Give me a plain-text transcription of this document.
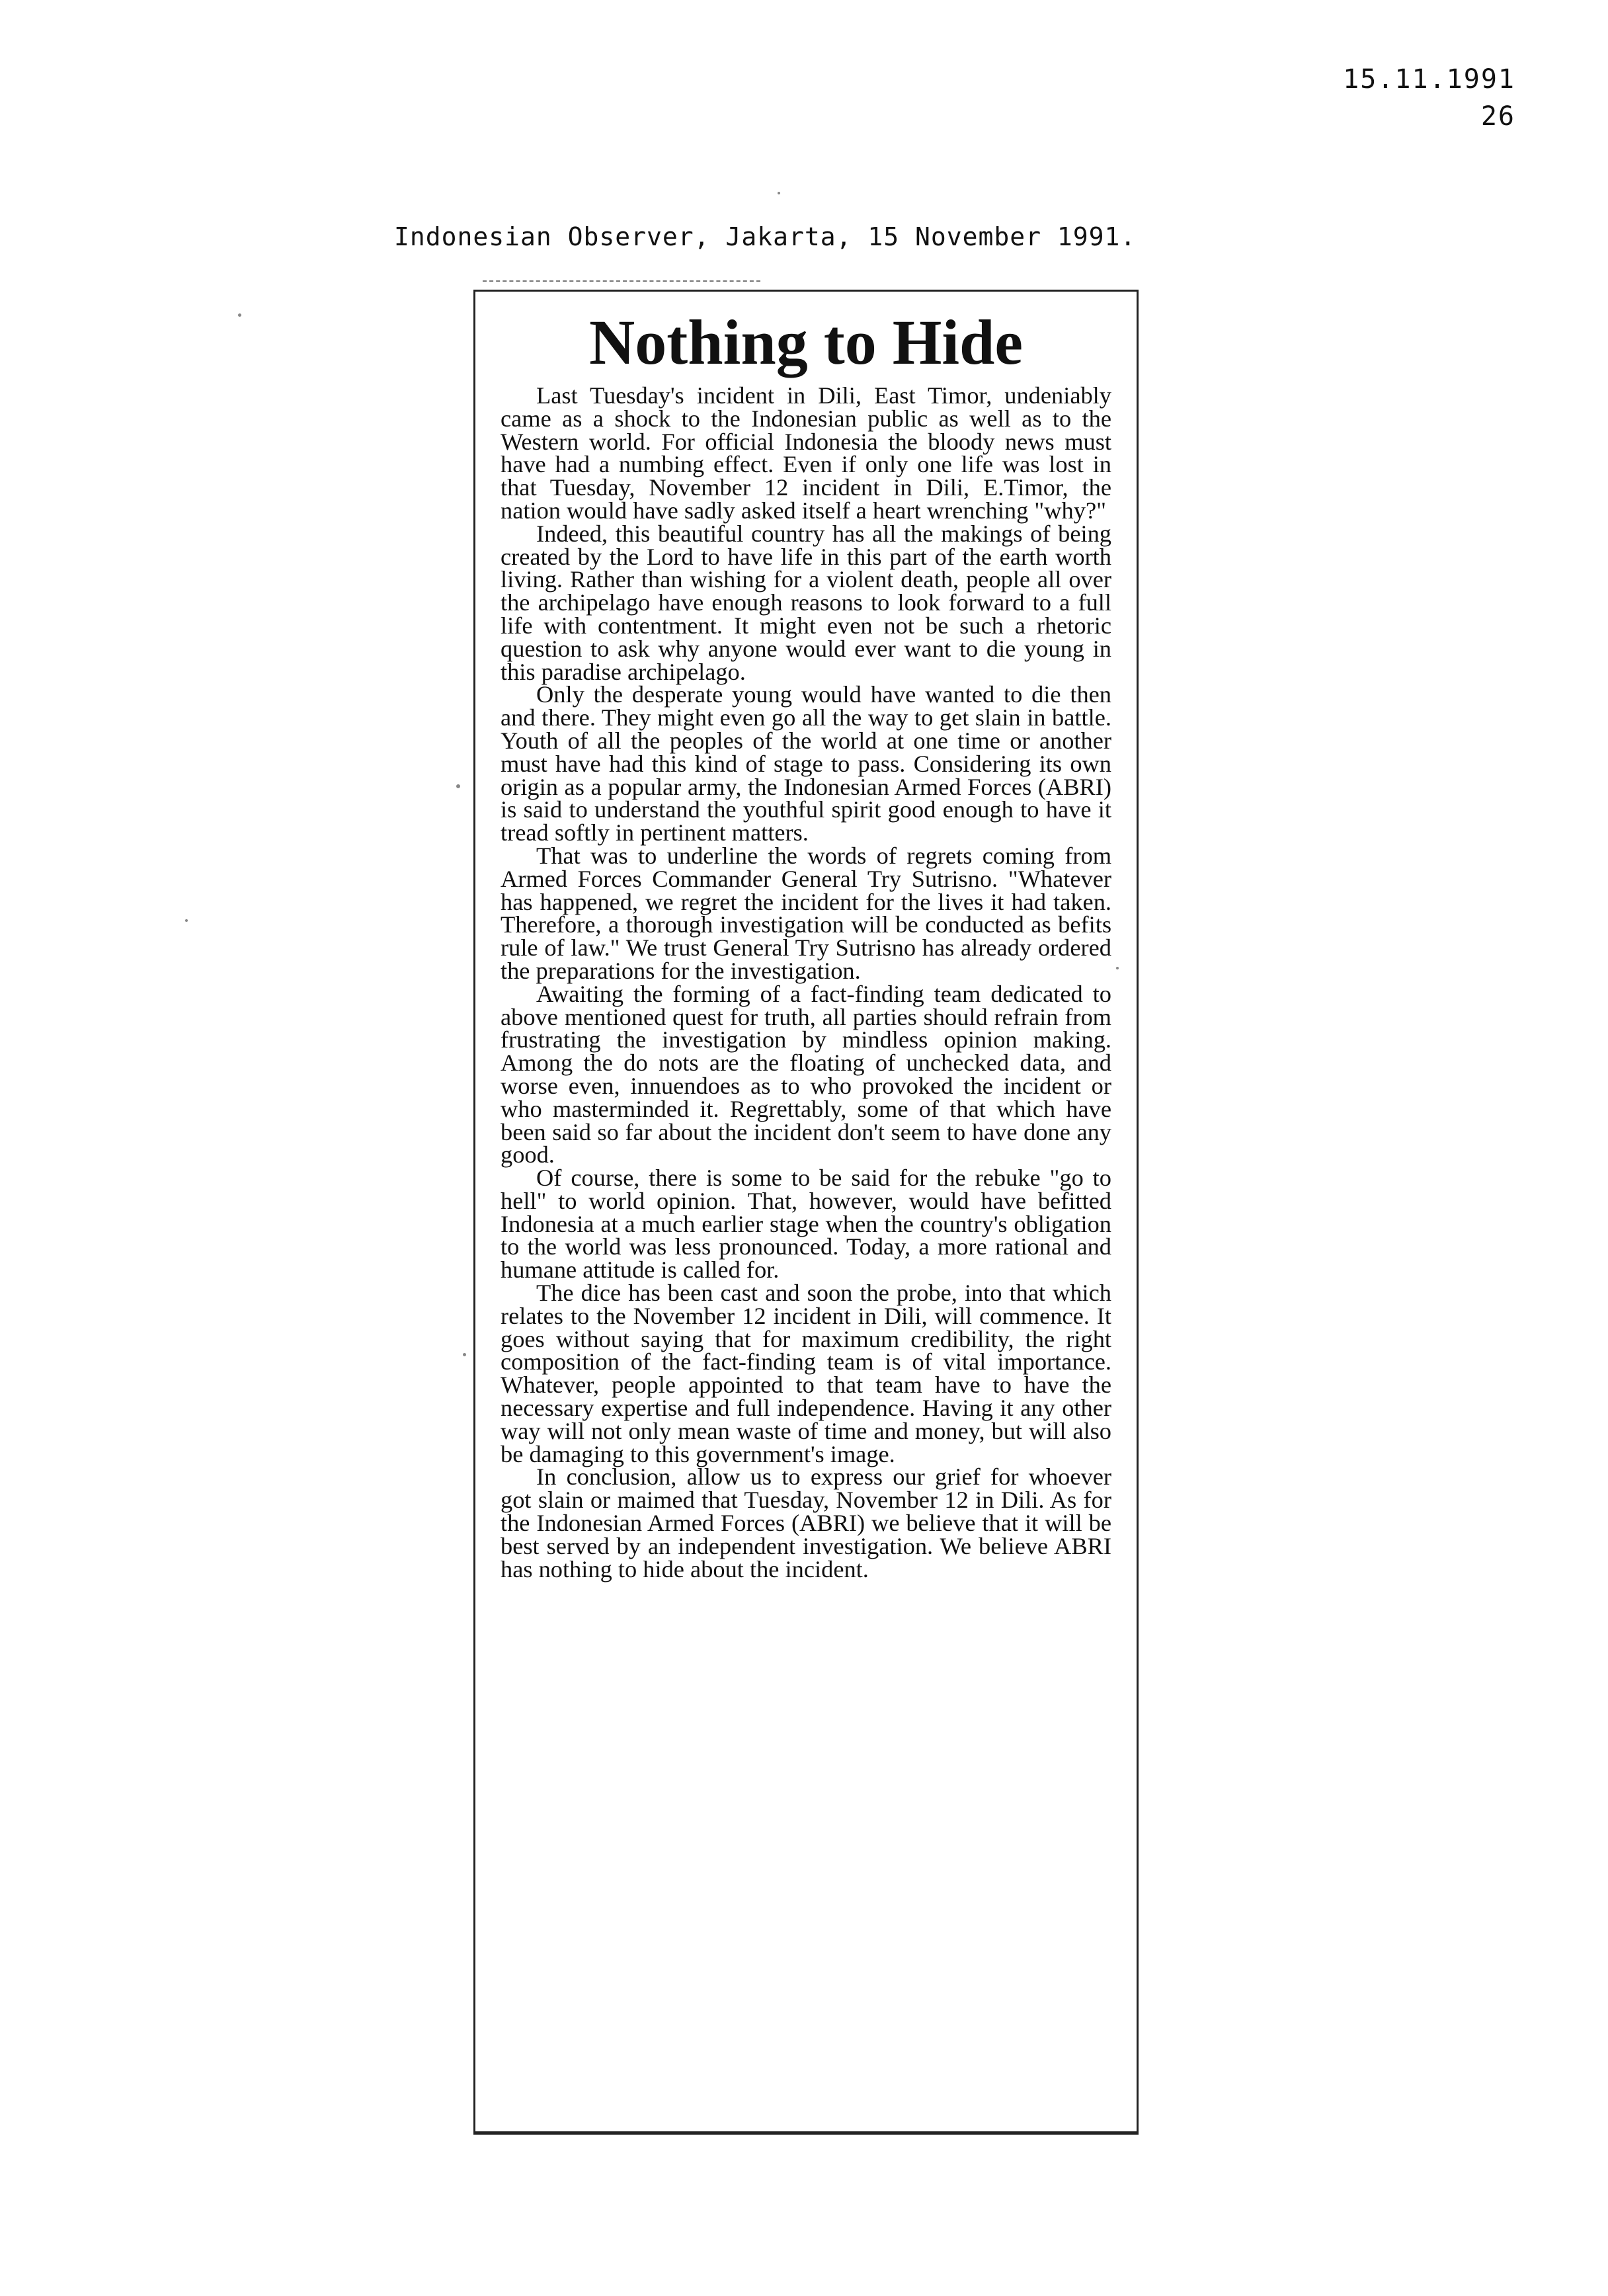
15.11.1991
26
Indonesian Observer, Jakarta, 15 November 1991.
Nothing to Hide

Last Tuesday's incident in Dili, East Timor, undeniably came as a shock to the Indonesian public as well as to the Western world. For official Indonesia the bloody news must have had a numbing effect. Even if only one life was lost in that Tuesday, November 12 incident in Dili, E.Timor, the nation would have sadly asked itself a heart wrenching "why?"

Indeed, this beautiful country has all the makings of being created by the Lord to have life in this part of the earth worth living. Rather than wishing for a violent death, people all over the archipelago have enough reasons to look forward to a full life with contentment. It might even not be such a rhetoric question to ask why anyone would ever want to die young in this paradise archipelago.

Only the desperate young would have wanted to die then and there. They might even go all the way to get slain in battle. Youth of all the peoples of the world at one time or another must have had this kind of stage to pass. Considering its own origin as a popular army, the Indonesian Armed Forces (ABRI) is said to understand the youthful spirit good enough to have it tread softly in pertinent matters.

That was to underline the words of regrets coming from Armed Forces Commander General Try Sutrisno. "Whatever has happened, we regret the incident for the lives it had taken. Therefore, a thorough investigation will be conducted as befits rule of law." We trust General Try Sutrisno has already ordered the preparations for the investigation.

Awaiting the forming of a fact-finding team dedicated to above mentioned quest for truth, all parties should refrain from frustrating the investigation by mindless opinion making. Among the do nots are the floating of unchecked data, and worse even, innuendoes as to who provoked the incident or who masterminded it. Regrettably, some of that which have been said so far about the incident don't seem to have done any good.

Of course, there is some to be said for the rebuke "go to hell" to world opinion. That, however, would have befitted Indonesia at a much earlier stage when the country's obligation to the world was less pronounced. Today, a more rational and humane attitude is called for.

The dice has been cast and soon the probe, into that which relates to the November 12 incident in Dili, will commence. It goes without saying that for maximum credibility, the right composition of the fact-finding team is of vital importance. Whatever, people appointed to that team have to have the necessary expertise and full independence. Having it any other way will not only mean waste of time and money, but will also be damaging to this government's image.

In conclusion, allow us to express our grief for whoever got slain or maimed that Tuesday, November 12 in Dili. As for the Indonesian Armed Forces (ABRI) we believe that it will be best served by an independent investigation. We believe ABRI has nothing to hide about the incident.
